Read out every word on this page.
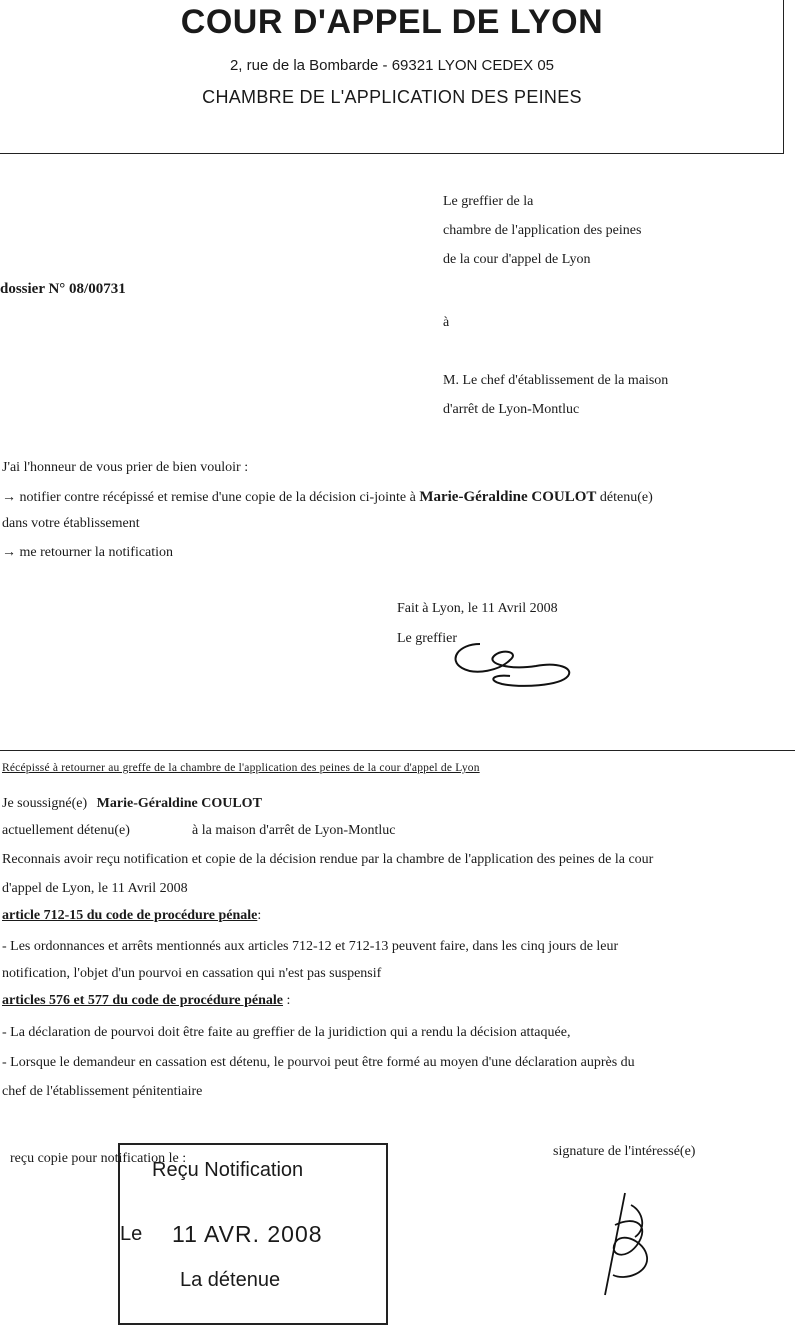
COUR D'APPEL DE LYON
2, rue de la Bombarde - 69321 LYON CEDEX 05
CHAMBRE DE L'APPLICATION DES PEINES
Le greffier de la
chambre de l'application des peines
de la cour d'appel de Lyon
dossier N° 08/00731
à
M. Le chef d'établissement de la maison
d'arrêt de Lyon-Montluc
J'ai l'honneur de vous prier de bien vouloir :
→ notifier contre récépissé et remise d'une copie de la décision ci-jointe à Marie-Géraldine COULOT détenu(e)
dans votre établissement
→ me retourner la notification
Fait à Lyon, le 11 Avril 2008
Le greffier
Récépissé à retourner au greffe de la chambre de l'application des peines de la cour d'appel de Lyon
Je soussigné(e) Marie-Géraldine COULOT
actuellement détenu(e)	à la maison d'arrêt de Lyon-Montluc
Reconnais avoir reçu notification et copie de la décision rendue par la chambre de l'application des peines de la cour
d'appel de Lyon, le 11 Avril 2008
article 712-15 du code de procédure pénale:
- Les ordonnances et arrêts mentionnés aux articles 712-12 et 712-13 peuvent faire, dans les cinq jours de leur
notification, l'objet d'un pourvoi en cassation qui n'est pas suspensif
articles 576 et 577 du code de procédure pénale :
- La déclaration de pourvoi doit être faite au greffier de la juridiction qui a rendu la décision attaquée,
- Lorsque le demandeur en cassation est détenu, le pourvoi peut être formé au moyen d'une déclaration auprès du
chef de l'établissement pénitentiaire
reçu copie pour notification le :	signature de l'intéressé(e)
Reçu Notification
Le 11 AVR. 2008
La détenue
